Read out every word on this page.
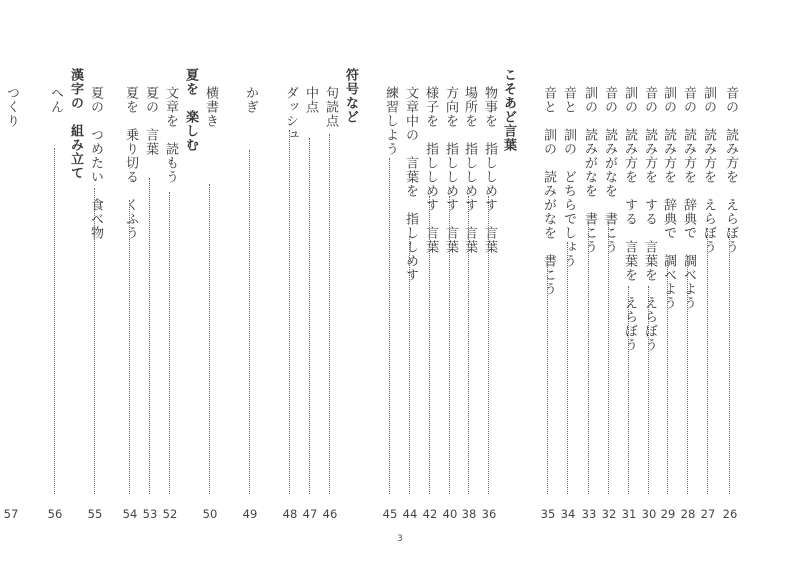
音の　読み方を　えらぼう
26
訓の　読み方を　えらぼう
27
音の　読み方を　辞典で　調べよう
28
訓の　読み方を　辞典で　調べよう
29
音の　読み方を　する　言葉を　えらぼう
30
訓の　読み方を　する　言葉を　えらぼう
31
音の　読みがなを　書こう
32
訓の　読みがなを　書こう
33
音と　訓の　どちらでしょう
34
音と　訓の　読みがなを　書こう
35
こそあど言葉
物事を　指ししめす　言葉
36
場所を　指ししめす　言葉
38
方向を　指ししめす　言葉
40
様子を　指ししめす　言葉
42
文章中の　言葉を　指ししめす
44
練習しよう
45
符号など
句読点
46
中点
47
ダッシュ
48
かぎ
49
横書き
50
夏を　楽しむ
文章を　読もう
52
夏の　言葉
53
夏を　乗り切る　くふう
54
夏の　つめたい　食べ物
55
漢字の　組み立て
へん
56
つくり
57
3
